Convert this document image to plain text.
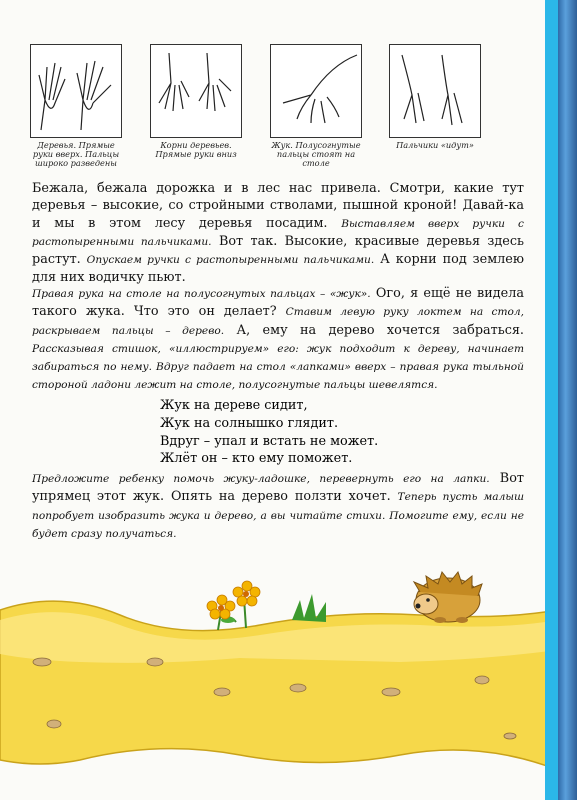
Деревья. Прямые руки вверх. Пальцы широко разведены
Корни деревьев. Прямые руки вниз
Жук. Полусогнутые пальцы стоят на столе
Пальчики «идут»
Бежала, бежала дорожка и в лес нас привела. Смотри, какие тут деревья – высокие, со стройными стволами, пышной кроной! Давай-ка и мы в этом лесу деревья посадим. Выставляем вверх ручки с растопыренными пальчиками. Вот так. Высокие, красивые деревья здесь растут. Опускаем ручки с растопыренными пальчиками. А корни под землею для них водичку пьют.
Правая рука на столе на полусогнутых пальцах – «жук». Ого, я ещё не видела такого жука. Что это он делает? Ставим левую руку локтем на стол, раскрываем пальцы – дерево. А, ему на дерево хочется забраться. Рассказывая стишок, «иллюстрируем» его: жук подходит к дереву, начинает забираться по нему. Вдруг падает на стол «лапками» вверх – правая рука тыльной стороной ладони лежит на столе, полусогнутые пальцы шевелятся.
Жук на дереве сидит,
Жук на солнышко глядит.
Вдруг – упал и встать не может.
Жлёт он – кто ему поможет.
Предложите ребенку помочь жуку-ладошке, перевернуть его на лапки. Вот упрямец этот жук. Опять на дерево ползти хочет. Теперь пусть малыш попробует изобразить жука и дерево, а вы читайте стихи. Помогите ему, если не будет сразу получаться.
